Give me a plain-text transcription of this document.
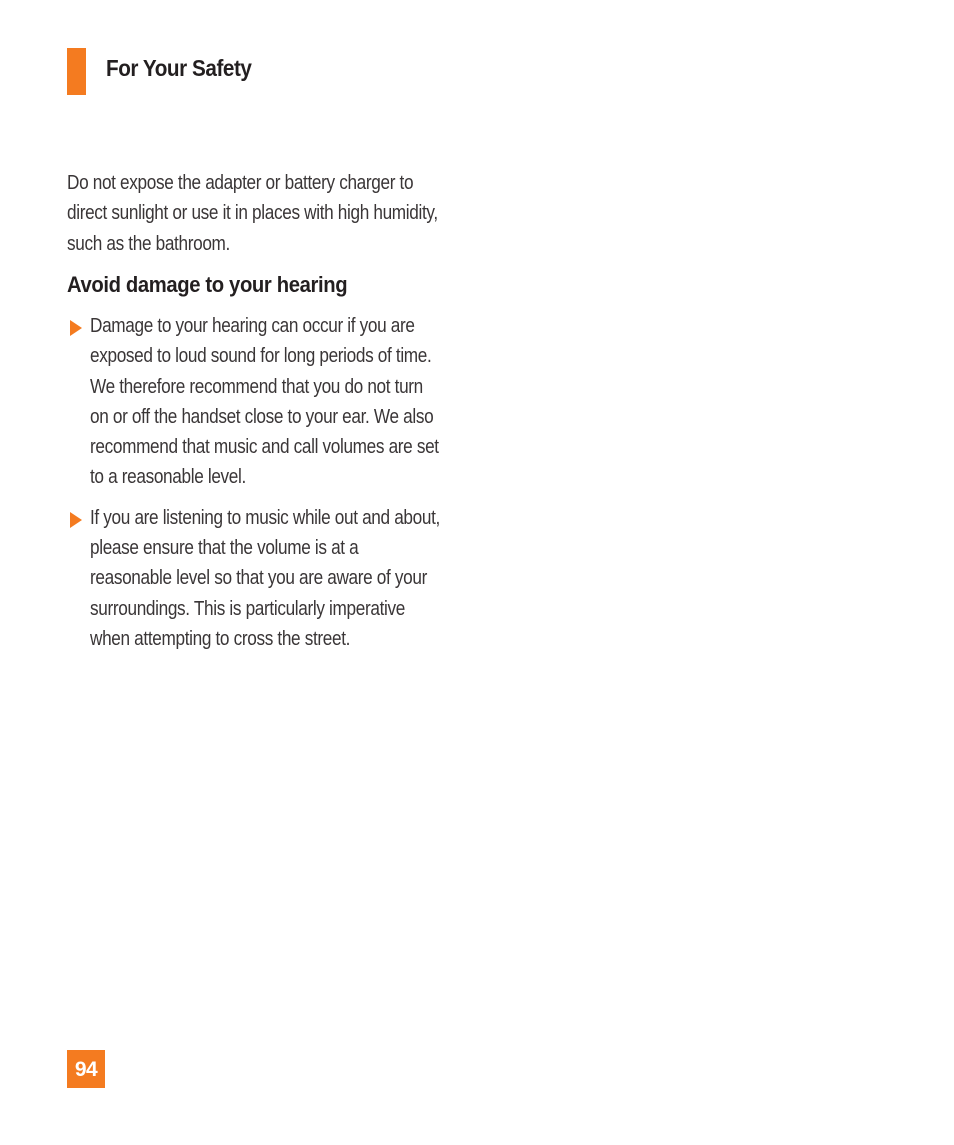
For Your Safety

Do not expose the adapter or battery charger to direct sunlight or use it in places with high humidity, such as the bathroom.

Avoid damage to your hearing
Damage to your hearing can occur if you are exposed to loud sound for long periods of time. We therefore recommend that you do not turn on or off the handset close to your ear. We also recommend that music and call volumes are set to a reasonable level.
If you are listening to music while out and about, please ensure that the volume is at a reasonable level so that you are aware of your surroundings. This is particularly imperative when attempting to cross the street.
94
